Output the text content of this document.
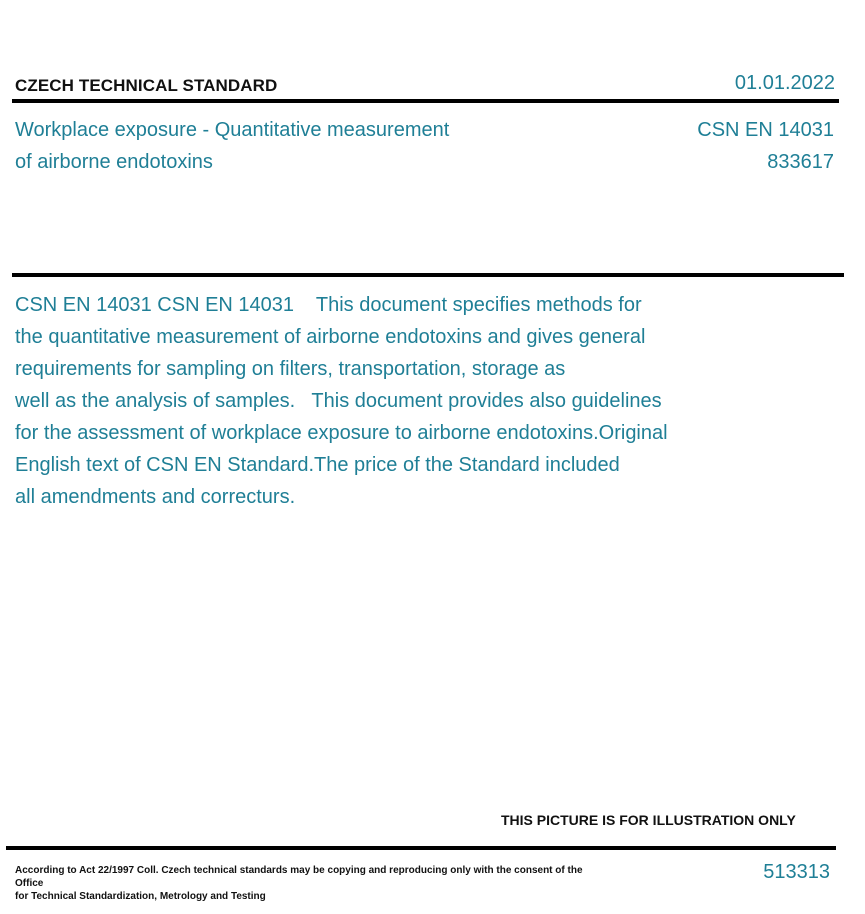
CZECH TECHNICAL STANDARD	01.01.2022
Workplace exposure - Quantitative measurement
of airborne endotoxins
CSN EN 14031
833617
CSN EN 14031 CSN EN 14031    This document specifies methods for
the quantitative measurement of airborne endotoxins and gives general
requirements for sampling on filters, transportation, storage as
well as the analysis of samples.   This document provides also guidelines
for the assessment of workplace exposure to airborne endotoxins.Original
English text of CSN EN Standard.The price of the Standard included
all amendments and correcturs.
THIS PICTURE IS FOR ILLUSTRATION ONLY
According to Act 22/1997 Coll. Czech technical standards may be copying and reproducing only with the consent of the Office
for Technical Standardization, Metrology and Testing
513313
